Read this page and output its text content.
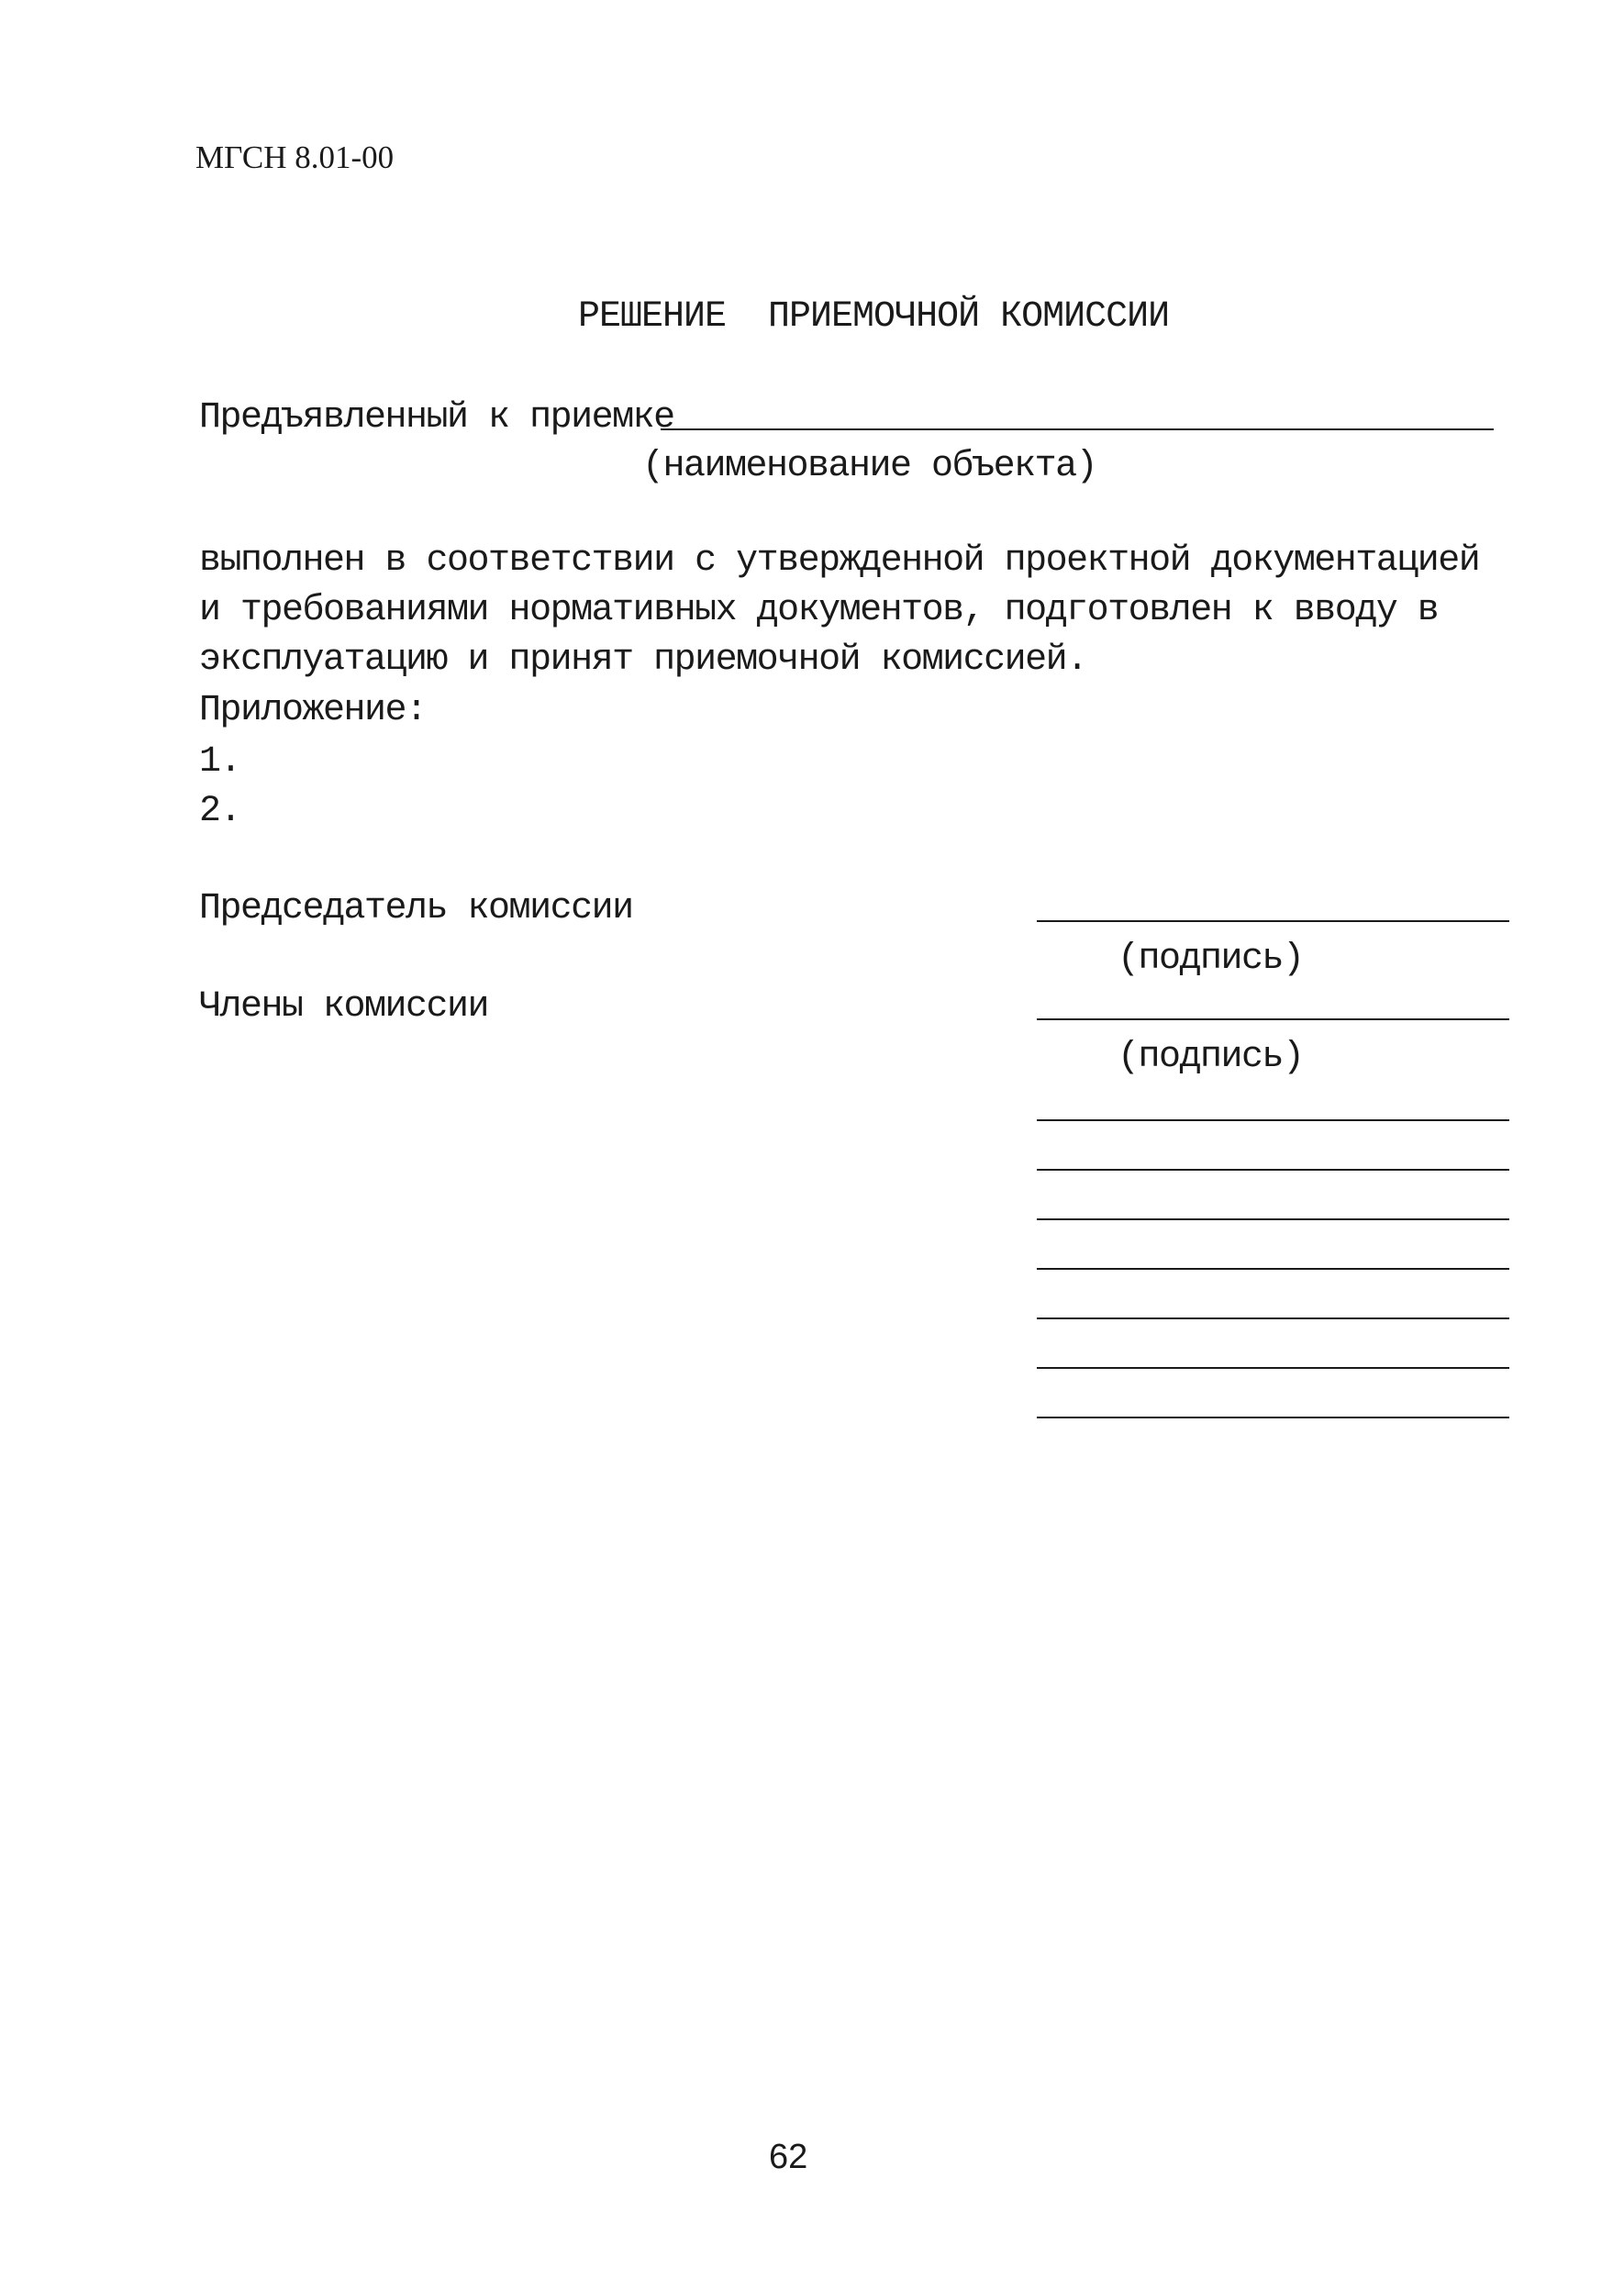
МГСН 8.01-00
РЕШЕНИЕ  ПРИЕМОЧНОЙ КОМИССИИ
Предъявленный к приемке
(наименование объекта)
выполнен в соответствии с утвержденной проектной документацией
и требованиями нормативных документов, подготовлен к вводу в
эксплуатацию и принят приемочной комиссией.
Приложение:
1.
2.
Председатель комиссии
(подпись)
Члены комиссии
(подпись)
62
